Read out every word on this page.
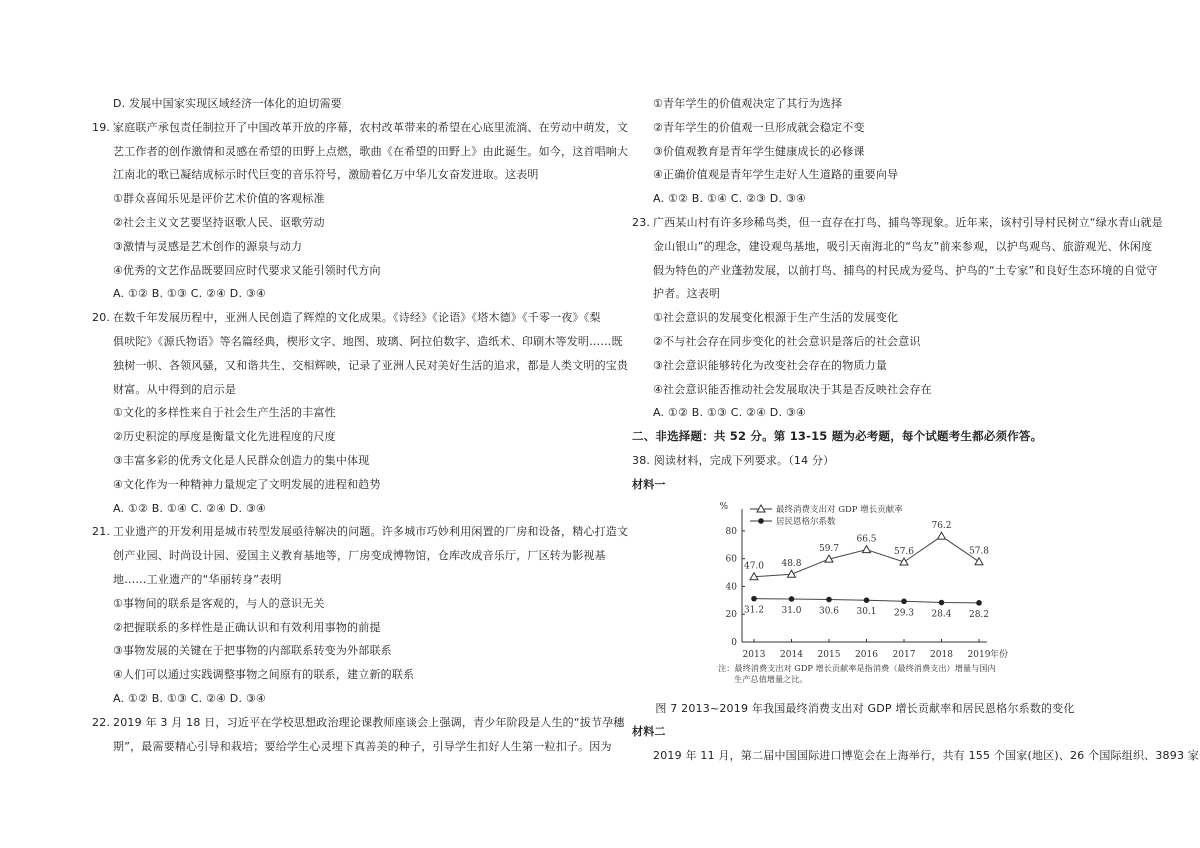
D. 发展中国家实现区域经济一体化的迫切需要
19. 家庭联产承包责任制拉开了中国改革开放的序幕，农村改革带来的希望在心底里流淌、在劳动中萌发，文
艺工作者的创作激情和灵感在希望的田野上点燃，歌曲《在希望的田野上》由此诞生。如今，这首唱响大
江南北的歌已凝结成标示时代巨变的音乐符号，激励着亿万中华儿女奋发进取。这表明
①群众喜闻乐见是评价艺术价值的客观标准
②社会主义文艺要坚持讴歌人民、讴歌劳动
③激情与灵感是艺术创作的源泉与动力
④优秀的文艺作品既要回应时代要求又能引领时代方向
A. ①② B. ①③ C. ②④ D. ③④
20. 在数千年发展历程中，亚洲人民创造了辉煌的文化成果。《诗经》《论语》《塔木德》《千零一夜》《梨
俱吠陀》《源氏物语》等名篇经典，楔形文字、地图、玻璃、阿拉伯数字、造纸术、印刷木等发明……既
独树一帜、各领风骚，又和谐共生、交相辉映，记录了亚洲人民对美好生活的追求，都是人类文明的宝贵
财富。从中得到的启示是
①文化的多样性来自于社会生产生活的丰富性
②历史积淀的厚度是衡量文化先进程度的尺度
③丰富多彩的优秀文化是人民群众创造力的集中体现
④文化作为一种精神力量规定了文明发展的进程和趋势
A. ①② B. ①④ C. ②④ D. ③④
21. 工业遗产的开发利用是城市转型发展亟待解决的问题。许多城市巧妙利用闲置的厂房和设备，精心打造文
创产业园、时尚设计园、爱国主义教育基地等，厂房变成博物馆，仓库改成音乐厅，厂区转为影视基
地……工业遗产的“华丽转身”表明
①事物间的联系是客观的，与人的意识无关
②把握联系的多样性是正确认识和有效利用事物的前提
③事物发展的关键在于把事物的内部联系转变为外部联系
④人们可以通过实践调整事物之间原有的联系，建立新的联系
A. ①② B. ①③ C. ②④ D. ③④
22. 2019 年 3 月 18 日，习近平在学校思想政治理论课教师座谈会上强调，青少年阶段是人生的“拔节孕穗
期”，最需要精心引导和栽培；要给学生心灵埋下真善美的种子，引导学生扣好人生第一粒扣子。因为
①青年学生的价值观决定了其行为选择
②青年学生的价值观一旦形成就会稳定不变
③价值观教育是青年学生健康成长的必修课
④正确价值观是青年学生走好人生道路的重要向导
A. ①② B. ①④ C. ②③ D. ③④
23. 广西某山村有许多珍稀鸟类，但一直存在打鸟、捕鸟等现象。近年来，该村引导村民树立“绿水青山就是
金山银山”的理念，建设观鸟基地，吸引天南海北的“鸟友”前来参观，以护鸟观鸟、旅游观光、休闲度
假为特色的产业蓬勃发展，以前打鸟、捕鸟的村民成为爱鸟、护鸟的“土专家”和良好生态环境的自觉守
护者。这表明
①社会意识的发展变化根源于生产生活的发展变化
②不与社会存在同步变化的社会意识是落后的社会意识
③社会意识能够转化为改变社会存在的物质力量
④社会意识能否推动社会发展取决于其是否反映社会存在
A. ①② B. ①③ C. ②④ D. ③④
二、非选择题：共 52 分。第 13-15 题为必考题，每个试题考生都必须作答。
38. 阅读材料，完成下列要求。（14 分）
材料一
%
年份
0
20
40
60
80
2013 2014 2015 2016 2017 2018 2019
47.0 48.8
59.7
66.5
57.6
76.2
57.8
31.2 31.0 30.6 30.1 29.3 28.4 28.2
最终消费支出对 GDP 增长贡献率
居民恩格尔系数
注：最终消费支出对 GDP 增长贡献率是指消费（最终消费支出）增量与国内
生产总值增量之比。
图 7 2013~2019 年我国最终消费支出对 GDP 增长贡献率和居民恩格尔系数的变化
材料二
2019 年 11 月，第二届中国国际进口博览会在上海举行，共有 155 个国家(地区)、26 个国际组织、3893 家
